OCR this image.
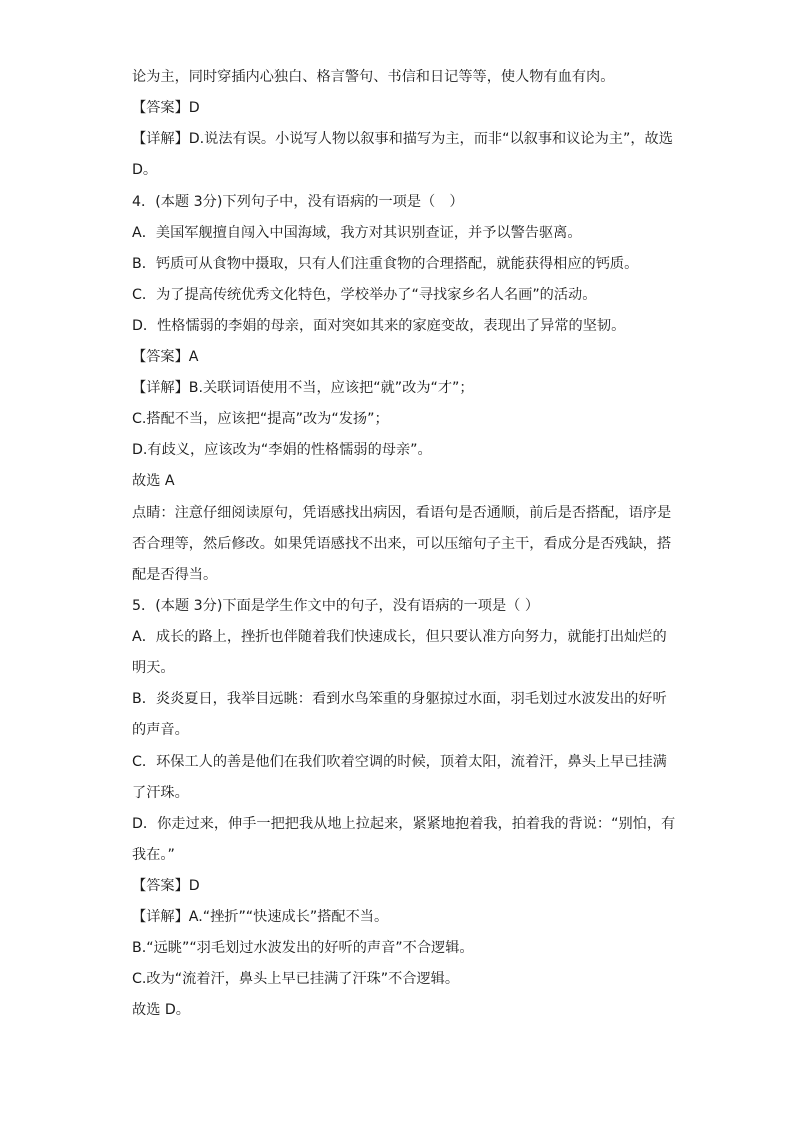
论为主，同时穿插内心独白、格言警句、书信和日记等等，使人物有血有肉。
【答案】D
【详解】D.说法有误。小说写人物以叙事和描写为主，而非“以叙事和议论为主”，故选
D。
4．(本题 3分)下列句子中，没有语病的一项是（　）
A．美国军舰擅自闯入中国海域，我方对其识别查证，并予以警告驱离。
B．钙质可从食物中摄取，只有人们注重食物的合理搭配，就能获得相应的钙质。
C．为了提高传统优秀文化特色，学校举办了“寻找家乡名人名画”的活动。
D．性格懦弱的李娟的母亲，面对突如其来的家庭变故，表现出了异常的坚韧。
【答案】A
【详解】B.关联词语使用不当，应该把“就”改为“才”；
C.搭配不当，应该把“提高”改为“发扬”；
D.有歧义，应该改为“李娟的性格懦弱的母亲”。
故选 A
点睛：注意仔细阅读原句，凭语感找出病因，看语句是否通顺，前后是否搭配，语序是
否合理等，然后修改。如果凭语感找不出来，可以压缩句子主干，看成分是否残缺，搭
配是否得当。
5．(本题 3分)下面是学生作文中的句子，没有语病的一项是（ ）
A．成长的路上，挫折也伴随着我们快速成长，但只要认准方向努力，就能打出灿烂的
明天。
B．炎炎夏日，我举目远眺：看到水鸟笨重的身躯掠过水面，羽毛划过水波发出的好听
的声音。
C．环保工人的善是他们在我们吹着空调的时候，顶着太阳，流着汗，鼻头上早已挂满
了汗珠。
D．你走过来，伸手一把把我从地上拉起来，紧紧地抱着我，拍着我的背说：“别怕，有
我在。”
【答案】D
【详解】A.“挫折”“快速成长”搭配不当。
B.“远眺”“羽毛划过水波发出的好听的声音”不合逻辑。
C.改为“流着汗，鼻头上早已挂满了汗珠”不合逻辑。
故选 D。
